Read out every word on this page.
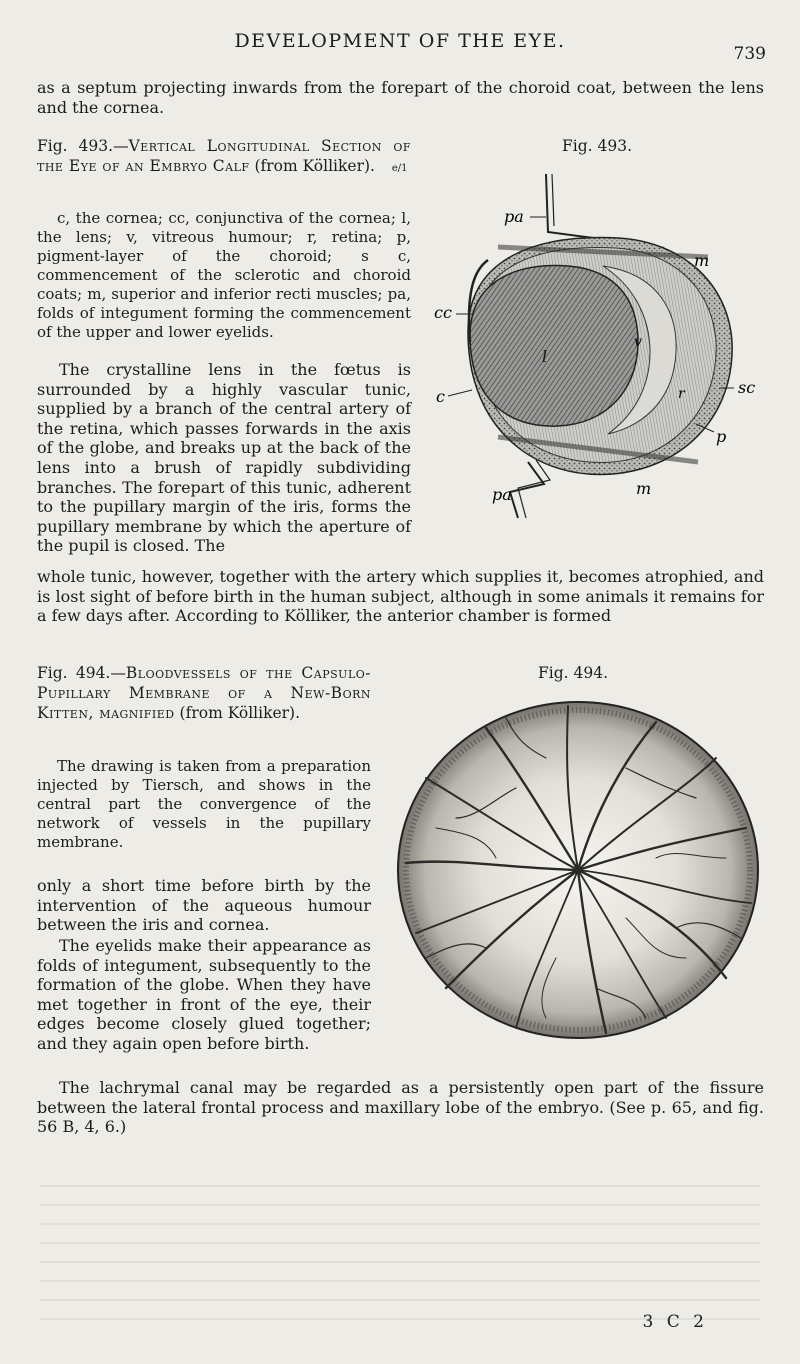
DEVELOPMENT OF THE EYE.
739

as a septum projecting inwards from the forepart of the choroid coat, between the lens and the cornea.

Fig. 493.—Vertical Longitudinal Section of the Eye of an Embryo Calf (from Kölliker). e/1

c, the cornea; cc, conjunctiva of the cornea; l, the lens; v, vitreous humour; r, retina; p, pigment-layer of the choroid; s c, commencement of the sclerotic and choroid coats; m, superior and inferior recti muscles; pa, folds of integument forming the commencement of the upper and lower eyelids.

Fig. 493.
pa
m
cc
l
v
c	r	sc
p
pa	m

The crystalline lens in the fœtus is surrounded by a highly vascular tunic, supplied by a branch of the central artery of the retina, which passes forwards in the axis of the globe, and breaks up at the back of the lens into a brush of rapidly subdividing branches. The forepart of this tunic, adherent to the pupillary margin of the iris, forms the pupillary membrane by which the aperture of the pupil is closed. The

whole tunic, however, together with the artery which supplies it, becomes atrophied, and is lost sight of before birth in the human subject, although in some animals it remains for a few days after. According to Kölliker, the anterior chamber is formed

Fig. 494.—Bloodvessels of the Capsulo-Pupillary Membrane of a New-Born Kitten, magnified (from Kölliker).

The drawing is taken from a preparation injected by Tiersch, and shows in the central part the convergence of the network of vessels in the pupillary membrane.

Fig. 494.

only a short time before birth by the intervention of the aqueous humour between the iris and cornea.

The eyelids make their appearance as folds of integument, subsequently to the formation of the globe. When they have met together in front of the eye, their edges become closely glued together; and they again open before birth.

The lachrymal canal may be regarded as a persistently open part of the fissure between the lateral frontal process and maxillary lobe of the embryo. (See p. 65, and fig. 56 B, 4, 6.)

3 C 2
